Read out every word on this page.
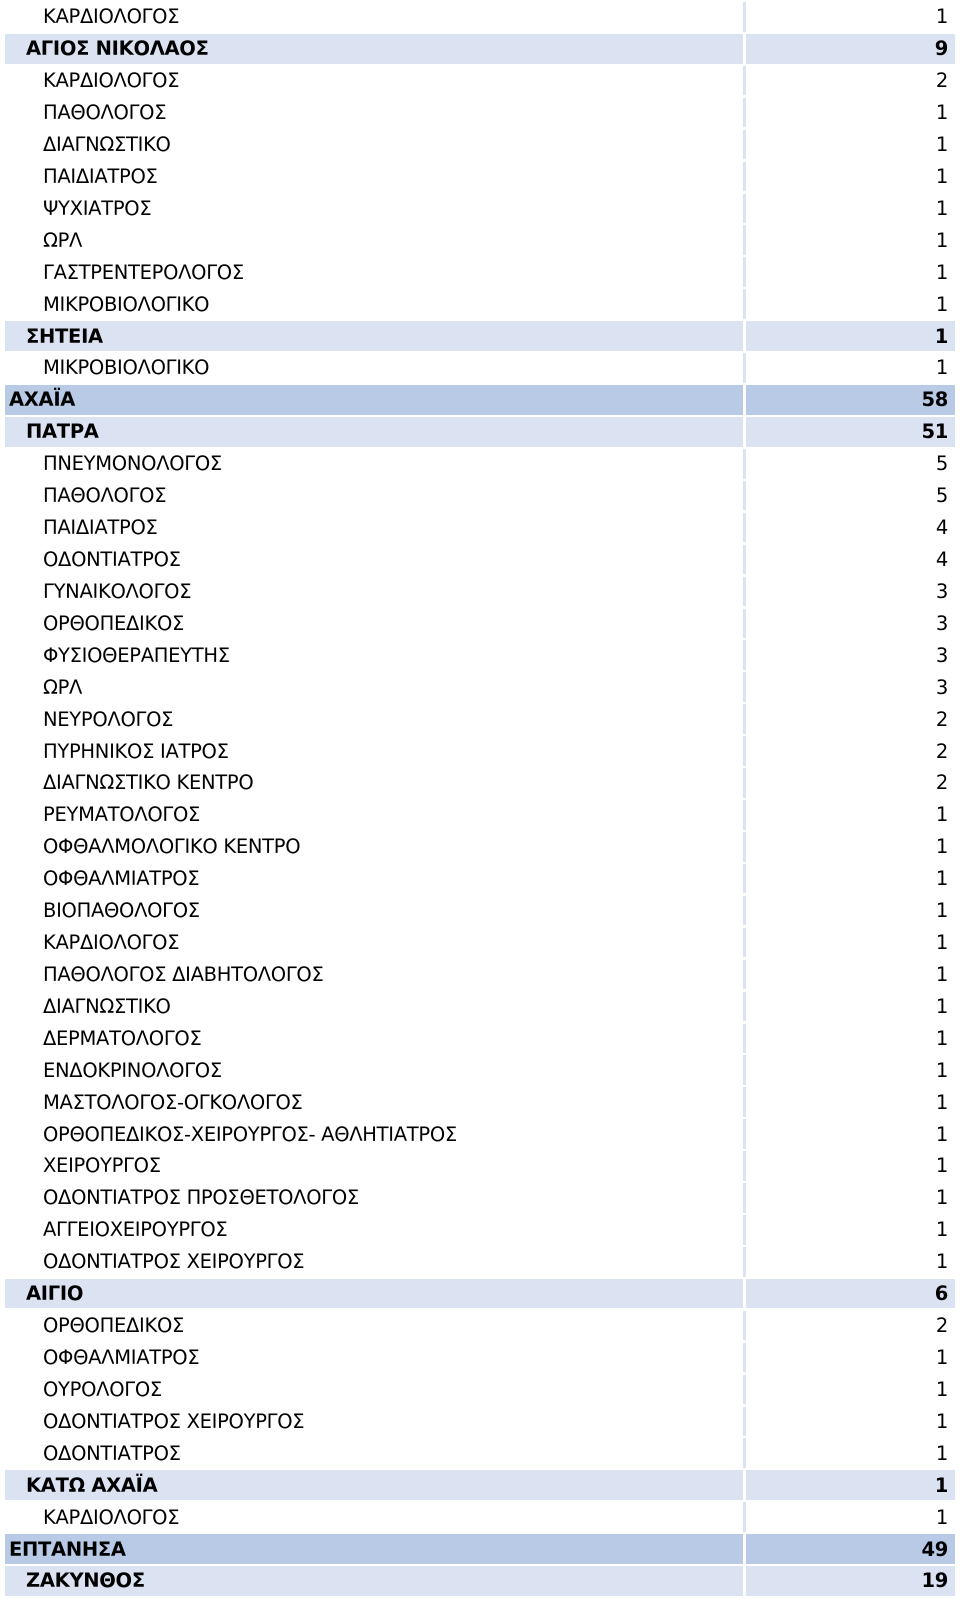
ΚΑΡΔΙΟΛΟΓΟΣ	1
ΑΓΙΟΣ ΝΙΚΟΛΑΟΣ	9
ΚΑΡΔΙΟΛΟΓΟΣ	2
ΠΑΘΟΛΟΓΟΣ	1
ΔΙΑΓΝΩΣΤΙΚΟ	1
ΠΑΙΔΙΑΤΡΟΣ	1
ΨΥΧΙΑΤΡΟΣ	1
ΩΡΛ	1
ΓΑΣΤΡΕΝΤΕΡΟΛΟΓΟΣ	1
ΜΙΚΡΟΒΙΟΛΟΓΙΚΟ	1
ΣΗΤΕΙΑ	1
ΜΙΚΡΟΒΙΟΛΟΓΙΚΟ	1
ΑΧΑΪΑ	58
ΠΑΤΡΑ	51
ΠΝΕΥΜΟΝΟΛΟΓΟΣ	5
ΠΑΘΟΛΟΓΟΣ	5
ΠΑΙΔΙΑΤΡΟΣ	4
ΟΔΟΝΤΙΑΤΡΟΣ	4
ΓΥΝΑΙΚΟΛΟΓΟΣ	3
ΟΡΘΟΠΕΔΙΚΟΣ	3
ΦΥΣΙΟΘΕΡΑΠΕΥΤΗΣ	3
ΩΡΛ	3
ΝΕΥΡΟΛΟΓΟΣ	2
ΠΥΡΗΝΙΚΟΣ ΙΑΤΡΟΣ	2
ΔΙΑΓΝΩΣΤΙΚΟ ΚΕΝΤΡΟ	2
ΡΕΥΜΑΤΟΛΟΓΟΣ	1
ΟΦΘΑΛΜΟΛΟΓΙΚΟ ΚΕΝΤΡΟ	1
ΟΦΘΑΛΜΙΑΤΡΟΣ	1
ΒΙΟΠΑΘΟΛΟΓΟΣ	1
ΚΑΡΔΙΟΛΟΓΟΣ	1
ΠΑΘΟΛΟΓΟΣ ΔΙΑΒΗΤΟΛΟΓΟΣ	1
ΔΙΑΓΝΩΣΤΙΚΟ	1
ΔΕΡΜΑΤΟΛΟΓΟΣ	1
ΕΝΔΟΚΡΙΝΟΛΟΓΟΣ	1
ΜΑΣΤΟΛΟΓΟΣ-ΟΓΚΟΛΟΓΟΣ	1
ΟΡΘΟΠΕΔΙΚΟΣ-ΧΕΙΡΟΥΡΓΟΣ- ΑΘΛΗΤΙΑΤΡΟΣ	1
ΧΕΙΡΟΥΡΓΟΣ	1
ΟΔΟΝΤΙΑΤΡΟΣ ΠΡΟΣΘΕΤΟΛΟΓΟΣ	1
ΑΓΓΕΙΟΧΕΙΡΟΥΡΓΟΣ	1
ΟΔΟΝΤΙΑΤΡΟΣ ΧΕΙΡΟΥΡΓΟΣ	1
ΑΙΓΙΟ	6
ΟΡΘΟΠΕΔΙΚΟΣ	2
ΟΦΘΑΛΜΙΑΤΡΟΣ	1
ΟΥΡΟΛΟΓΟΣ	1
ΟΔΟΝΤΙΑΤΡΟΣ ΧΕΙΡΟΥΡΓΟΣ	1
ΟΔΟΝΤΙΑΤΡΟΣ	1
ΚΑΤΩ ΑΧΑΪΑ	1
ΚΑΡΔΙΟΛΟΓΟΣ	1
ΕΠΤΑΝΗΣΑ	49
ΖΑΚΥΝΘΟΣ	19
